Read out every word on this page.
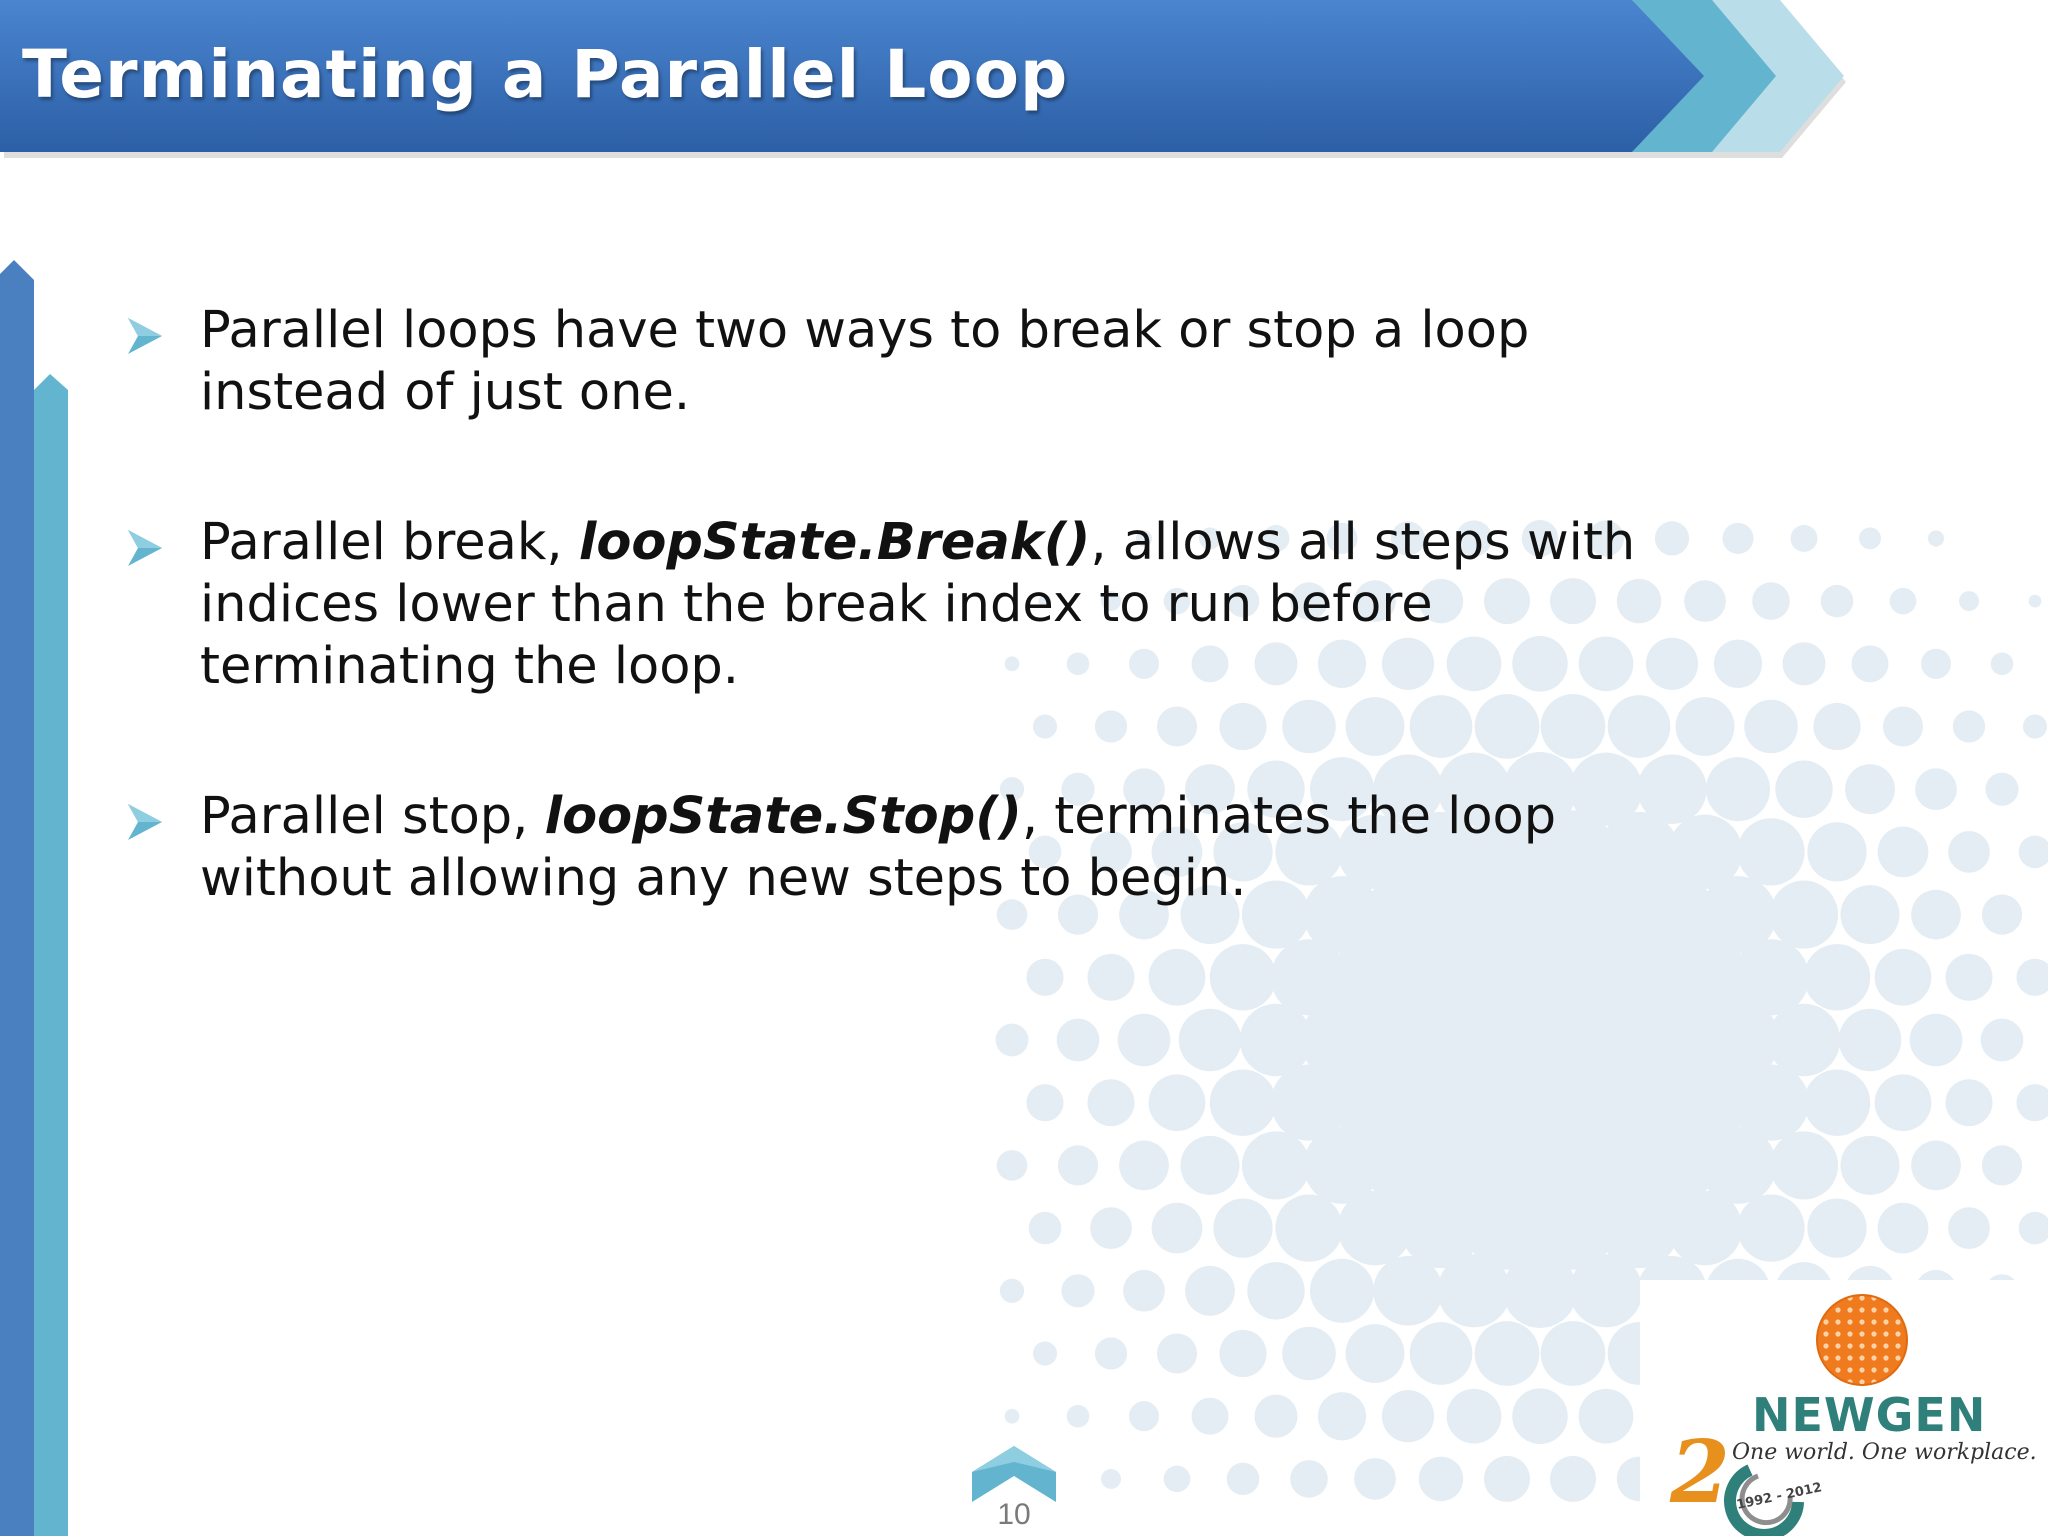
Terminating a Parallel Loop

Parallel loops have two ways to break or stop a loop instead of just one.

Parallel break, loopState.Break(), allows all steps with indices lower than the break index to run before terminating the loop.

Parallel stop, loopState.Stop(), terminates the loop without allowing any new steps to begin.

10	2
NEWGEN
One world. One workplace.
1992 - 2012
